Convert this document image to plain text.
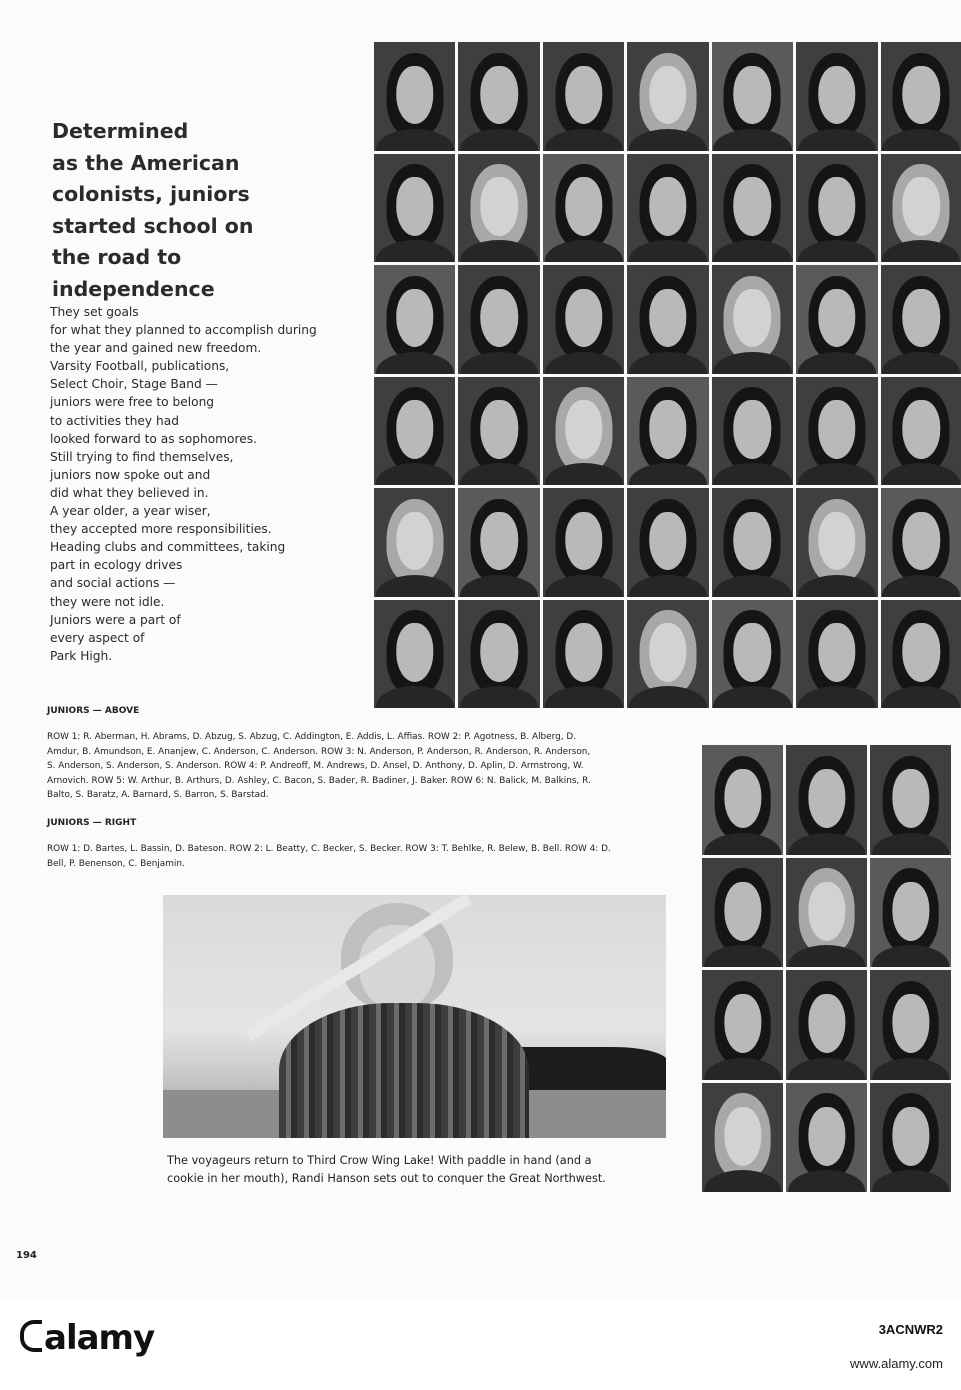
Determined
as the American
colonists, juniors
started school on
the road to
independence
They set goals
for what they planned to accomplish during
the year and gained new freedom.
Varsity Football, publications,
Select Choir, Stage Band —
juniors were free to belong
to activities they had
looked forward to as sophomores.
Still trying to find themselves,
juniors now spoke out and
did what they believed in.
A year older, a year wiser,
they accepted more responsibilities.
Heading clubs and committees, taking
part in ecology drives
and social actions —
they were not idle.
Juniors were a part of
every aspect of
Park High.
JUNIORS — ABOVE
ROW 1: R. Aberman, H. Abrams, D. Abzug, S. Abzug, C. Addington, E. Addis, L. Affias. ROW 2: P. Agotness, B. Alberg, D.
Amdur, B. Amundson, E. Ananjew, C. Anderson, C. Anderson. ROW 3: N. Anderson, P. Anderson, R. Anderson, R. Anderson,
S. Anderson, S. Anderson, S. Anderson. ROW 4: P. Andreoff, M. Andrews, D. Ansel, D. Anthony, D. Aplin, D. Armstrong, W.
Arnovich. ROW 5: W. Arthur, B. Arthurs, D. Ashley, C. Bacon, S. Bader, R. Badiner, J. Baker. ROW 6: N. Balick, M. Balkins, R.
Balto, S. Baratz, A. Barnard, S. Barron, S. Barstad.
JUNIORS — RIGHT
ROW 1: D. Bartes, L. Bassin, D. Bateson. ROW 2: L. Beatty, C. Becker, S. Becker. ROW 3: T. Behlke, R. Belew, B. Bell. ROW 4: D.
Bell, P. Benenson, C. Benjamin.
The voyageurs return to Third Crow Wing Lake! With paddle in hand (and a
cookie in her mouth), Randi Hanson sets out to conquer the Great Northwest.
194
alamy	3ACNWR2
www.alamy.com
